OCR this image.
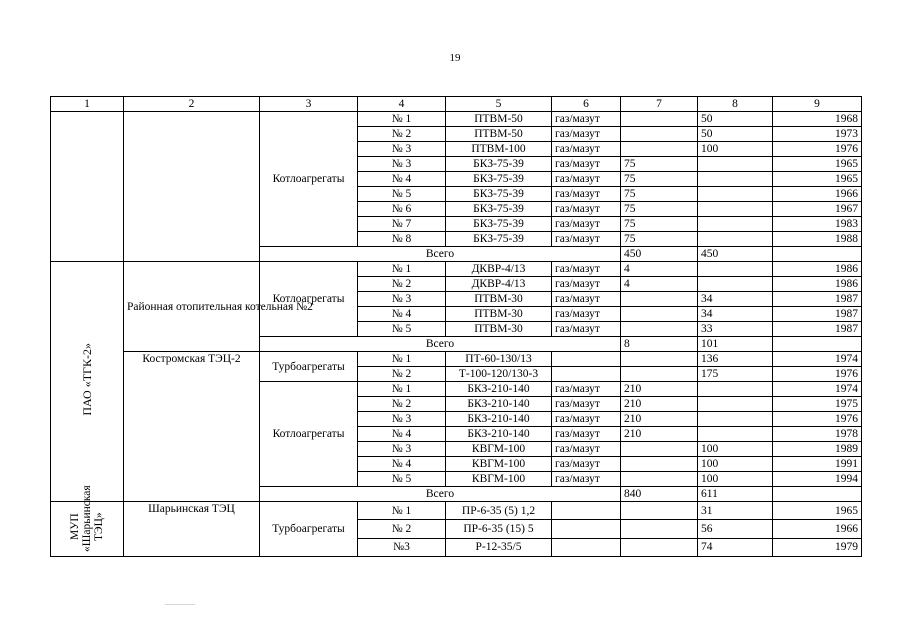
19
1	2	3	4	5	6	7	8	9
		Котлоагрегаты	№ 1	ПТВМ-50	газ/мазут		50	1968
			№ 2	ПТВМ-50	газ/мазут		50	1973
			№ 3	ПТВМ-100	газ/мазут		100	1976
			№ 3	БКЗ-75-39	газ/мазут	75		1965
			№ 4	БКЗ-75-39	газ/мазут	75		1965
			№ 5	БКЗ-75-39	газ/мазут	75		1966
			№ 6	БКЗ-75-39	газ/мазут	75		1967
			№ 7	БКЗ-75-39	газ/мазут	75		1983
			№ 8	БКЗ-75-39	газ/мазут	75		1988
		Всего				450	450	
ПАО «ТГК-2»	Районная отопительная котельная №2	Котлоагрегаты	№ 1	ДКВР-4/13	газ/мазут	4		1986
			№ 2	ДКВР-4/13	газ/мазут	4		1986
			№ 3	ПТВМ-30	газ/мазут		34	1987
			№ 4	ПТВМ-30	газ/мазут		34	1987
			№ 5	ПТВМ-30	газ/мазут		33	1987
		Всего				8	101	
	Костромская ТЭЦ-2	Турбоагрегаты	№ 1	ПТ-60-130/13			136	1974
			№ 2	Т-100-120/130-3			175	1976
		Котлоагрегаты	№ 1	БКЗ-210-140	газ/мазут	210		1974
			№ 2	БКЗ-210-140	газ/мазут	210		1975
			№ 3	БКЗ-210-140	газ/мазут	210		1976
			№ 4	БКЗ-210-140	газ/мазут	210		1978
			№ 3	КВГМ-100	газ/мазут		100	1989
			№ 4	КВГМ-100	газ/мазут		100	1991
			№ 5	КВГМ-100	газ/мазут		100	1994
		Всего				840	611	
МУП «Шарьинская ТЭЦ»	Шарьинская ТЭЦ	Турбоагрегаты	№ 1	ПР-6-35 (5) 1,2			31	1965
			№ 2	ПР-6-35 (15) 5			56	1966
			№3	Р-12-35/5			74	1979
